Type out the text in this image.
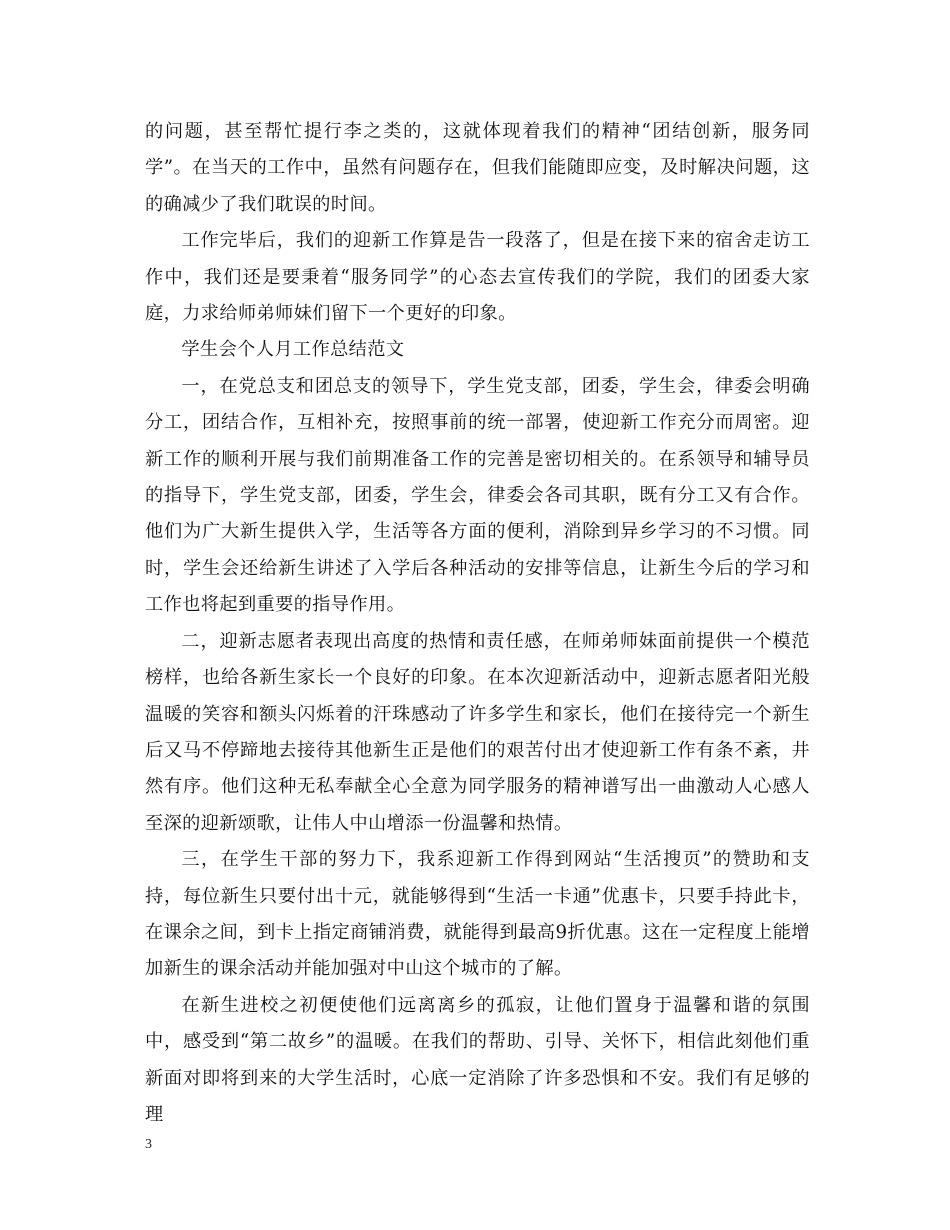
的问题，甚至帮忙提行李之类的，这就体现着我们的精神“团结创新，服务同学”。在当天的工作中，虽然有问题存在，但我们能随即应变，及时解决问题，这的确减少了我们耽误的时间。

工作完毕后，我们的迎新工作算是告一段落了，但是在接下来的宿舍走访工作中，我们还是要秉着“服务同学”的心态去宣传我们的学院，我们的团委大家庭，力求给师弟师妹们留下一个更好的印象。

学生会个人月工作总结范文

一，在党总支和团总支的领导下，学生党支部，团委，学生会，律委会明确分工，团结合作，互相补充，按照事前的统一部署，使迎新工作充分而周密。迎新工作的顺利开展与我们前期准备工作的完善是密切相关的。在系领导和辅导员的指导下，学生党支部，团委，学生会，律委会各司其职，既有分工又有合作。他们为广大新生提供入学，生活等各方面的便利，消除到异乡学习的不习惯。同时，学生会还给新生讲述了入学后各种活动的安排等信息，让新生今后的学习和工作也将起到重要的指导作用。

二，迎新志愿者表现出高度的热情和责任感，在师弟师妹面前提供一个模范榜样，也给各新生家长一个良好的印象。在本次迎新活动中，迎新志愿者阳光般温暖的笑容和额头闪烁着的汗珠感动了许多学生和家长，他们在接待完一个新生后又马不停蹄地去接待其他新生正是他们的艰苦付出才使迎新工作有条不紊，井然有序。他们这种无私奉献全心全意为同学服务的精神谱写出一曲激动人心感人至深的迎新颂歌，让伟人中山增添一份温馨和热情。

三，在学生干部的努力下，我系迎新工作得到网站“生活搜页”的赞助和支持，每位新生只要付出十元，就能够得到“生活一卡通”优惠卡，只要手持此卡，在课余之间，到卡上指定商铺消费，就能得到最高9折优惠。这在一定程度上能增加新生的课余活动并能加强对中山这个城市的了解。

在新生进校之初便使他们远离离乡的孤寂，让他们置身于温馨和谐的氛围中，感受到“第二故乡”的温暖。在我们的帮助、引导、关怀下，相信此刻他们重新面对即将到来的大学生活时，心底一定消除了许多恐惧和不安。我们有足够的理

3
